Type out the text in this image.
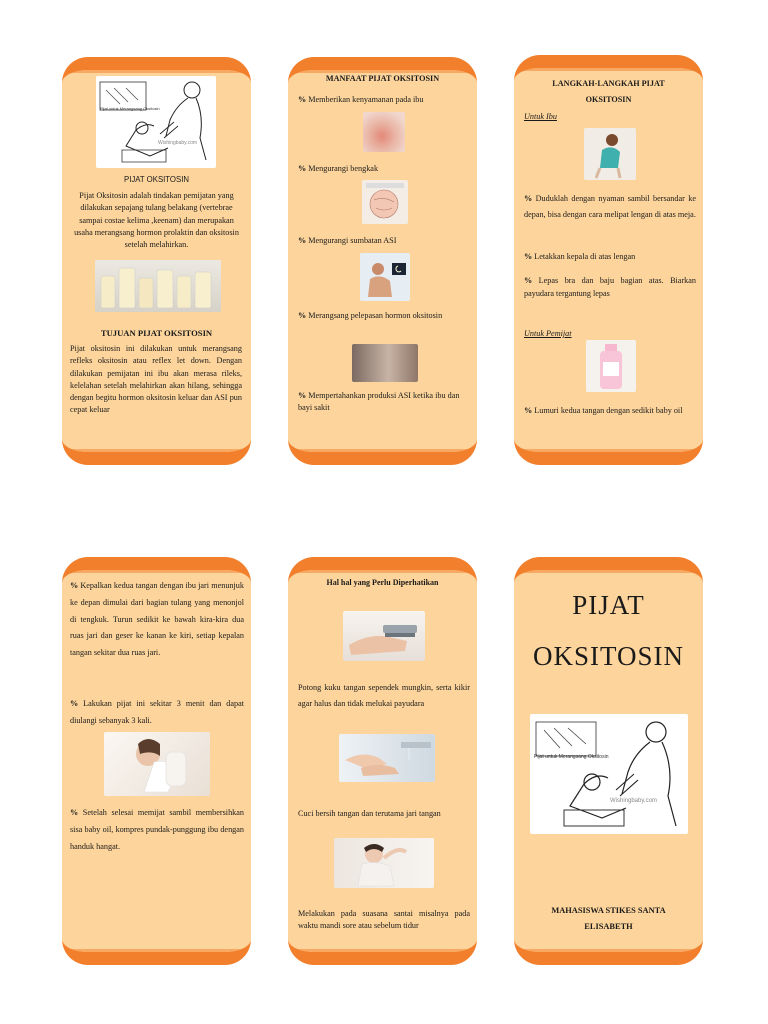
Pijat untuk Merangsang Oksitosin
Wishingbaby.com
PIJAT OKSITOSIN
Pijat Oksitosin adalah tindakan pemijatan yang dilakukan sepajang tulang belakang (vertebrae sampai costae kelima ,keenam) dan merupakan usaha merangsang hormon prolaktin dan oksitosin setelah melahirkan.
TUJUAN PIJAT OKSITOSIN
Pijat oksitosin ini dilakukan untuk merangsang refleks oksitosin atau reflex let down. Dengan dilakukan pemijatan ini ibu akan merasa rileks, kelelahan setelah melahirkan akan hilang, sehingga dengan begitu hormon oksitosin keluar dan ASI pun cepat keluar
MANFAAT PIJAT OKSITOSIN
% Memberikan kenyamanan pada ibu
% Mengurangi bengkak
% Mengurangi sumbatan ASI
% Merangsang pelepasan hormon oksitosin
% Mempertahankan produksi ASI ketika ibu dan bayi sakit
LANGKAH-LANGKAH PIJAT OKSITOSIN
Untuk Ibu
% Duduklah dengan nyaman sambil bersandar ke depan, bisa dengan cara melipat lengan di atas meja.
% Letakkan kepala di atas lengan
% Lepas bra dan baju bagian atas. Biarkan payudara tergantung lepas
Untuk Pemijat
% Lumuri kedua tangan dengan sedikit baby oil
% Kepalkan kedua tangan dengan ibu jari menunjuk ke depan dimulai dari bagian tulang yang menonjol di tengkuk. Turun sedikit ke bawah kira-kira dua ruas jari dan geser ke kanan ke kiri, setiap kepalan tangan sekitar dua ruas jari.
% Lakukan pijat ini sekitar 3 menit dan dapat diulangi sebanyak 3 kali.
% Setelah selesai memijat sambil membersihkan sisa baby oil, kompres pundak-punggung ibu dengan handuk hangat.
Hal hal yang Perlu Diperhatikan
Potong kuku tangan sependek mungkin, serta kikir agar halus dan tidak melukai payudara
Cuci bersih tangan dan terutama jari tangan
Melakukan pada suasana santai misalnya pada waktu mandi sore atau sebelum tidur
PIJAT
OKSITOSIN
Pijat untuk Merangsang Oksitosin
Wishingbaby.com
MAHASISWA STIKES SANTA
ELISABETH
